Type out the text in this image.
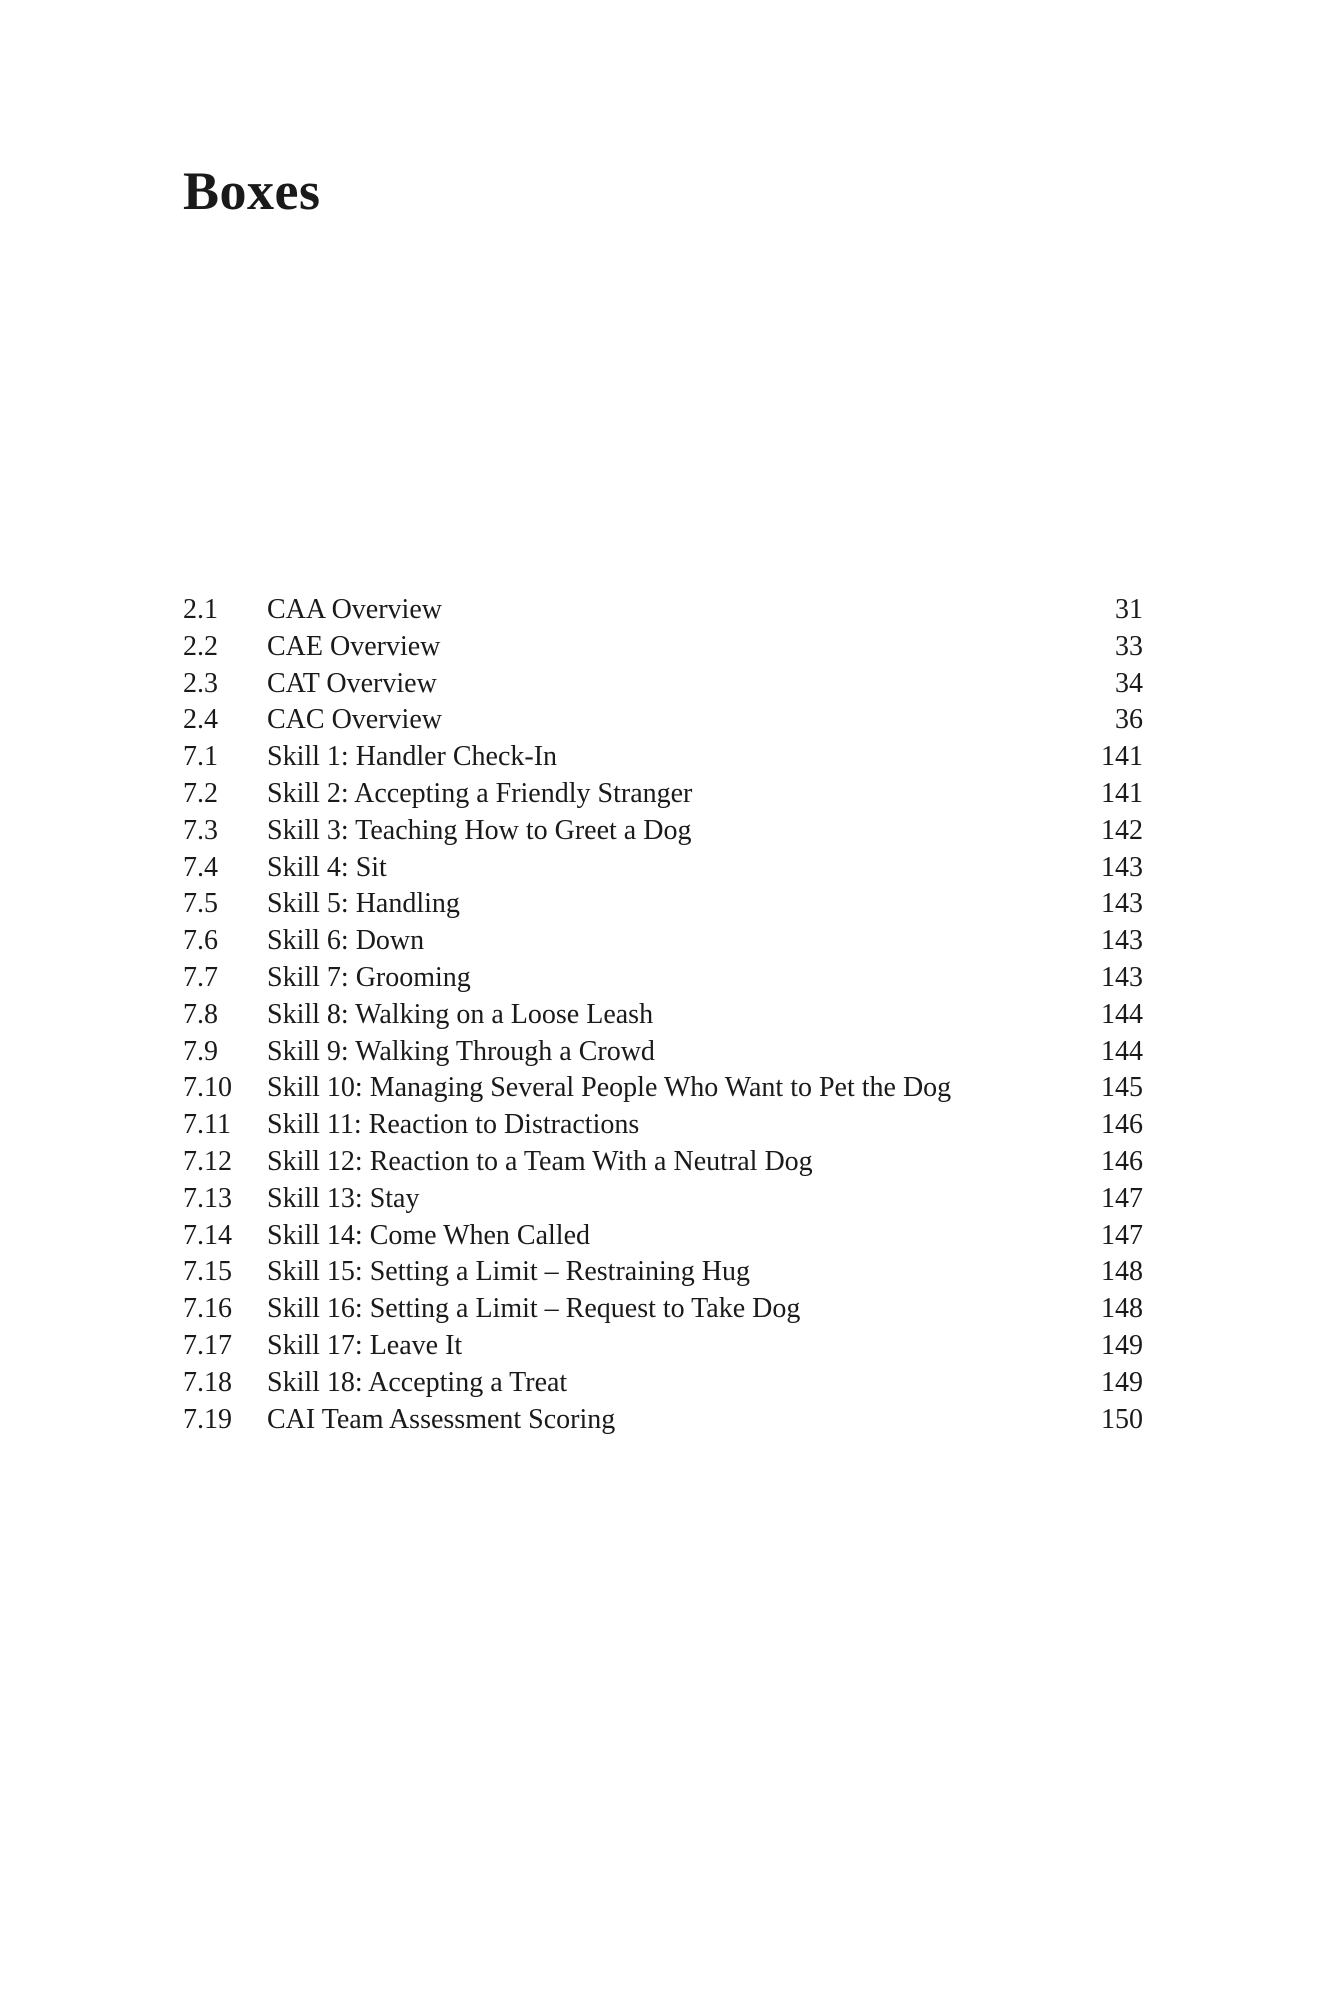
Boxes
2.1	CAA Overview	31
2.2	CAE Overview	33
2.3	CAT Overview	34
2.4	CAC Overview	36
7.1	Skill 1: Handler Check-In	141
7.2	Skill 2: Accepting a Friendly Stranger	141
7.3	Skill 3: Teaching How to Greet a Dog	142
7.4	Skill 4: Sit	143
7.5	Skill 5: Handling	143
7.6	Skill 6: Down	143
7.7	Skill 7: Grooming	143
7.8	Skill 8: Walking on a Loose Leash	144
7.9	Skill 9: Walking Through a Crowd	144
7.10	Skill 10: Managing Several People Who Want to Pet the Dog	145
7.11	Skill 11: Reaction to Distractions	146
7.12	Skill 12: Reaction to a Team With a Neutral Dog	146
7.13	Skill 13: Stay	147
7.14	Skill 14: Come When Called	147
7.15	Skill 15: Setting a Limit – Restraining Hug	148
7.16	Skill 16: Setting a Limit – Request to Take Dog	148
7.17	Skill 17: Leave It	149
7.18	Skill 18: Accepting a Treat	149
7.19	CAI Team Assessment Scoring	150
